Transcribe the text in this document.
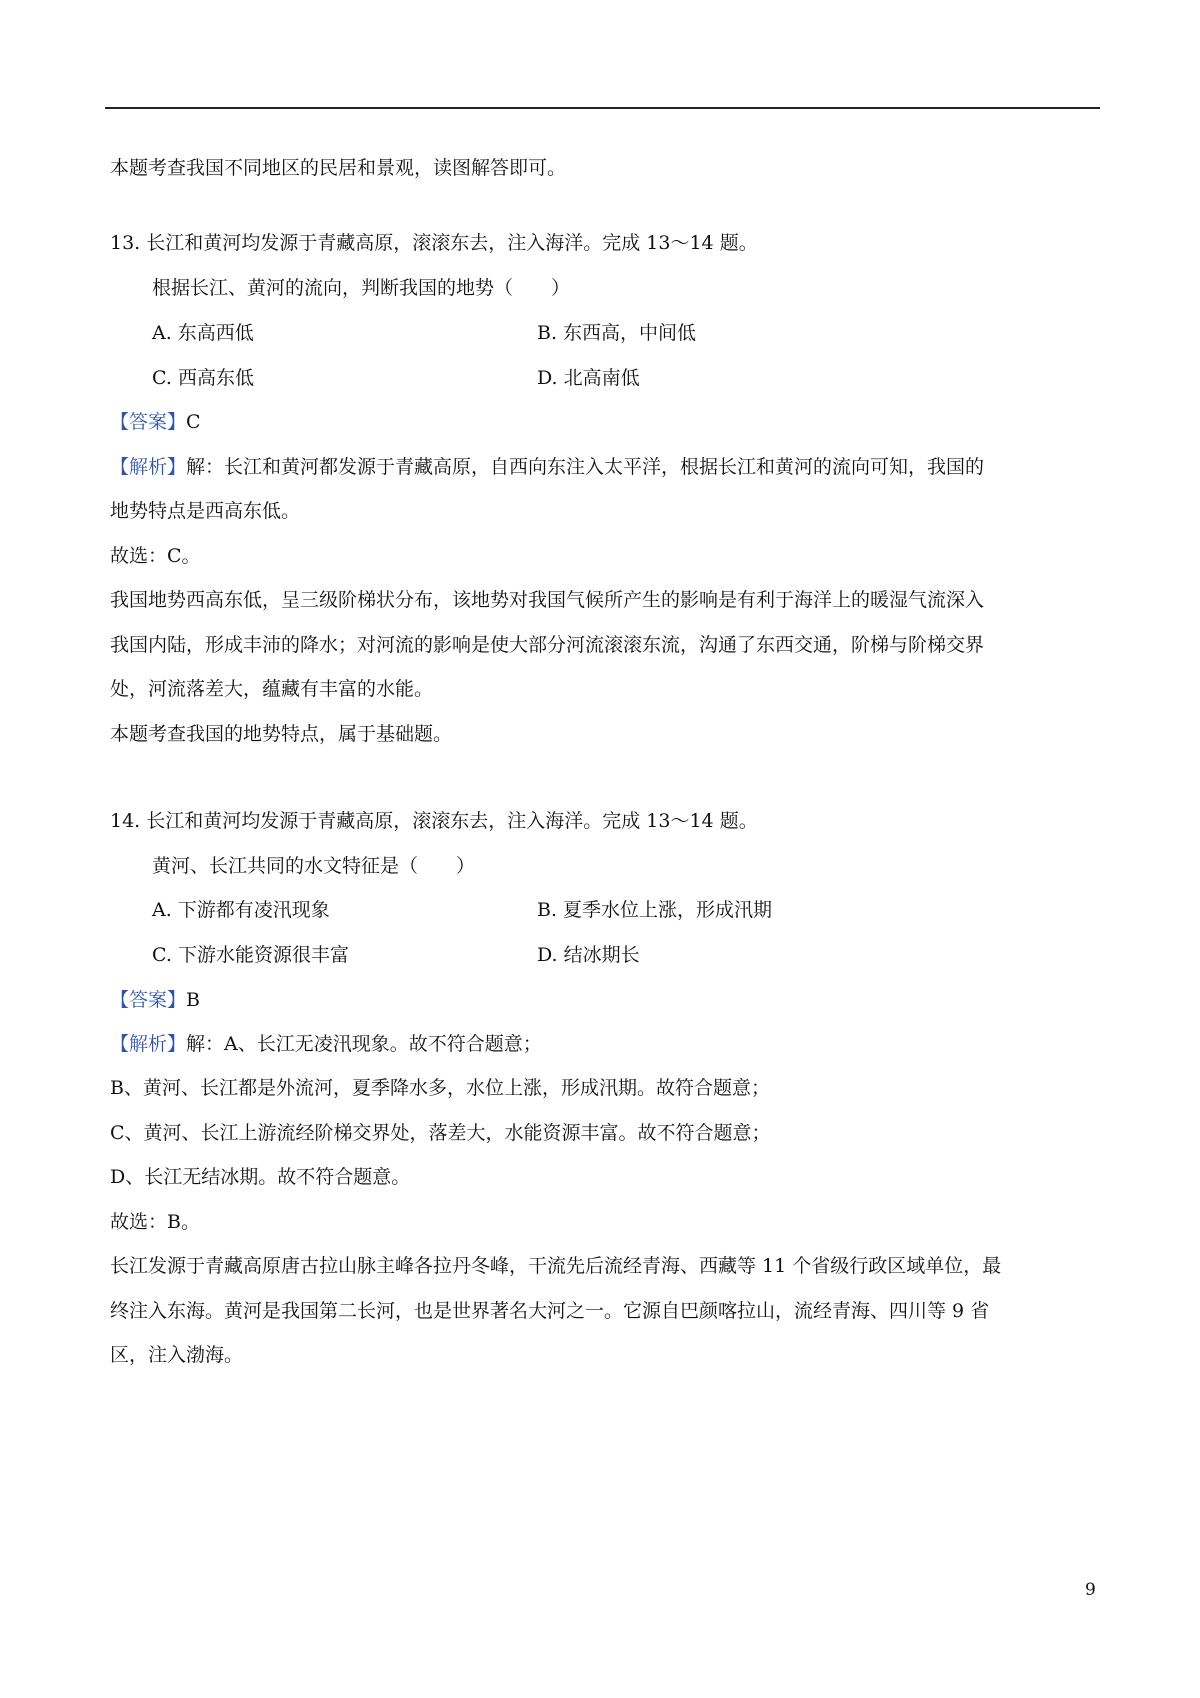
本题考查我国不同地区的民居和景观，读图解答即可。
13. 长江和黄河均发源于青藏高原，滚滚东去，注入海洋。完成 13～14 题。
根据长江、黄河的流向，判断我国的地势（　　）
A. 东高西低	B. 东西高，中间低
C. 西高东低	D. 北高南低
【答案】C
【解析】解：长江和黄河都发源于青藏高原，自西向东注入太平洋，根据长江和黄河的流向可知，我国的
地势特点是西高东低。
故选：C。
我国地势西高东低，呈三级阶梯状分布，该地势对我国气候所产生的影响是有利于海洋上的暖湿气流深入
我国内陆，形成丰沛的降水；对河流的影响是使大部分河流滚滚东流，沟通了东西交通，阶梯与阶梯交界
处，河流落差大，蕴藏有丰富的水能。
本题考查我国的地势特点，属于基础题。
14. 长江和黄河均发源于青藏高原，滚滚东去，注入海洋。完成 13～14 题。
黄河、长江共同的水文特征是（　　）
A. 下游都有凌汛现象	B. 夏季水位上涨，形成汛期
C. 下游水能资源很丰富	D. 结冰期长
【答案】B
【解析】解：A、长江无凌汛现象。故不符合题意；
B、黄河、长江都是外流河，夏季降水多，水位上涨，形成汛期。故符合题意；
C、黄河、长江上游流经阶梯交界处，落差大，水能资源丰富。故不符合题意；
D、长江无结冰期。故不符合题意。
故选：B。
长江发源于青藏高原唐古拉山脉主峰各拉丹冬峰，干流先后流经青海、西藏等 11 个省级行政区域单位，最
终注入东海。黄河是我国第二长河，也是世界著名大河之一。它源自巴颜喀拉山，流经青海、四川等 9 省
区，注入渤海。
9
